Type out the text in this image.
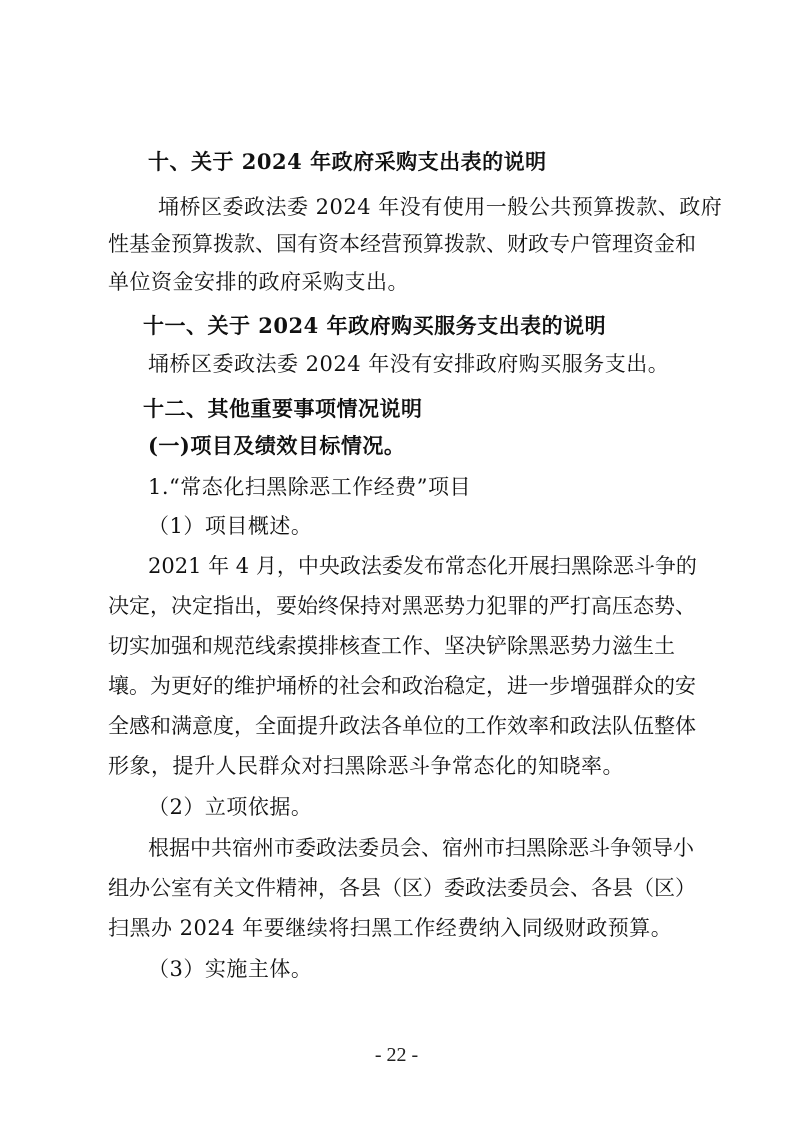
十、关于 2024 年政府采购支出表的说明
埇桥区委政法委 2024 年没有使用一般公共预算拨款、政府
性基金预算拨款、国有资本经营预算拨款、财政专户管理资金和
单位资金安排的政府采购支出。
十一、关于 2024 年政府购买服务支出表的说明
埇桥区委政法委 2024 年没有安排政府购买服务支出。
十二、其他重要事项情况说明
(一)项目及绩效目标情况。
1.“常态化扫黑除恶工作经费”项目
（1）项目概述。
2021 年 4 月，中央政法委发布常态化开展扫黑除恶斗争的
决定，决定指出，要始终保持对黑恶势力犯罪的严打高压态势、
切实加强和规范线索摸排核查工作、坚决铲除黑恶势力滋生土
壤。为更好的维护埇桥的社会和政治稳定，进一步增强群众的安
全感和满意度，全面提升政法各单位的工作效率和政法队伍整体
形象，提升人民群众对扫黑除恶斗争常态化的知晓率。
（2）立项依据。
根据中共宿州市委政法委员会、宿州市扫黑除恶斗争领导小
组办公室有关文件精神，各县（区）委政法委员会、各县（区）
扫黑办 2024 年要继续将扫黑工作经费纳入同级财政预算。
（3）实施主体。
- 22 -
